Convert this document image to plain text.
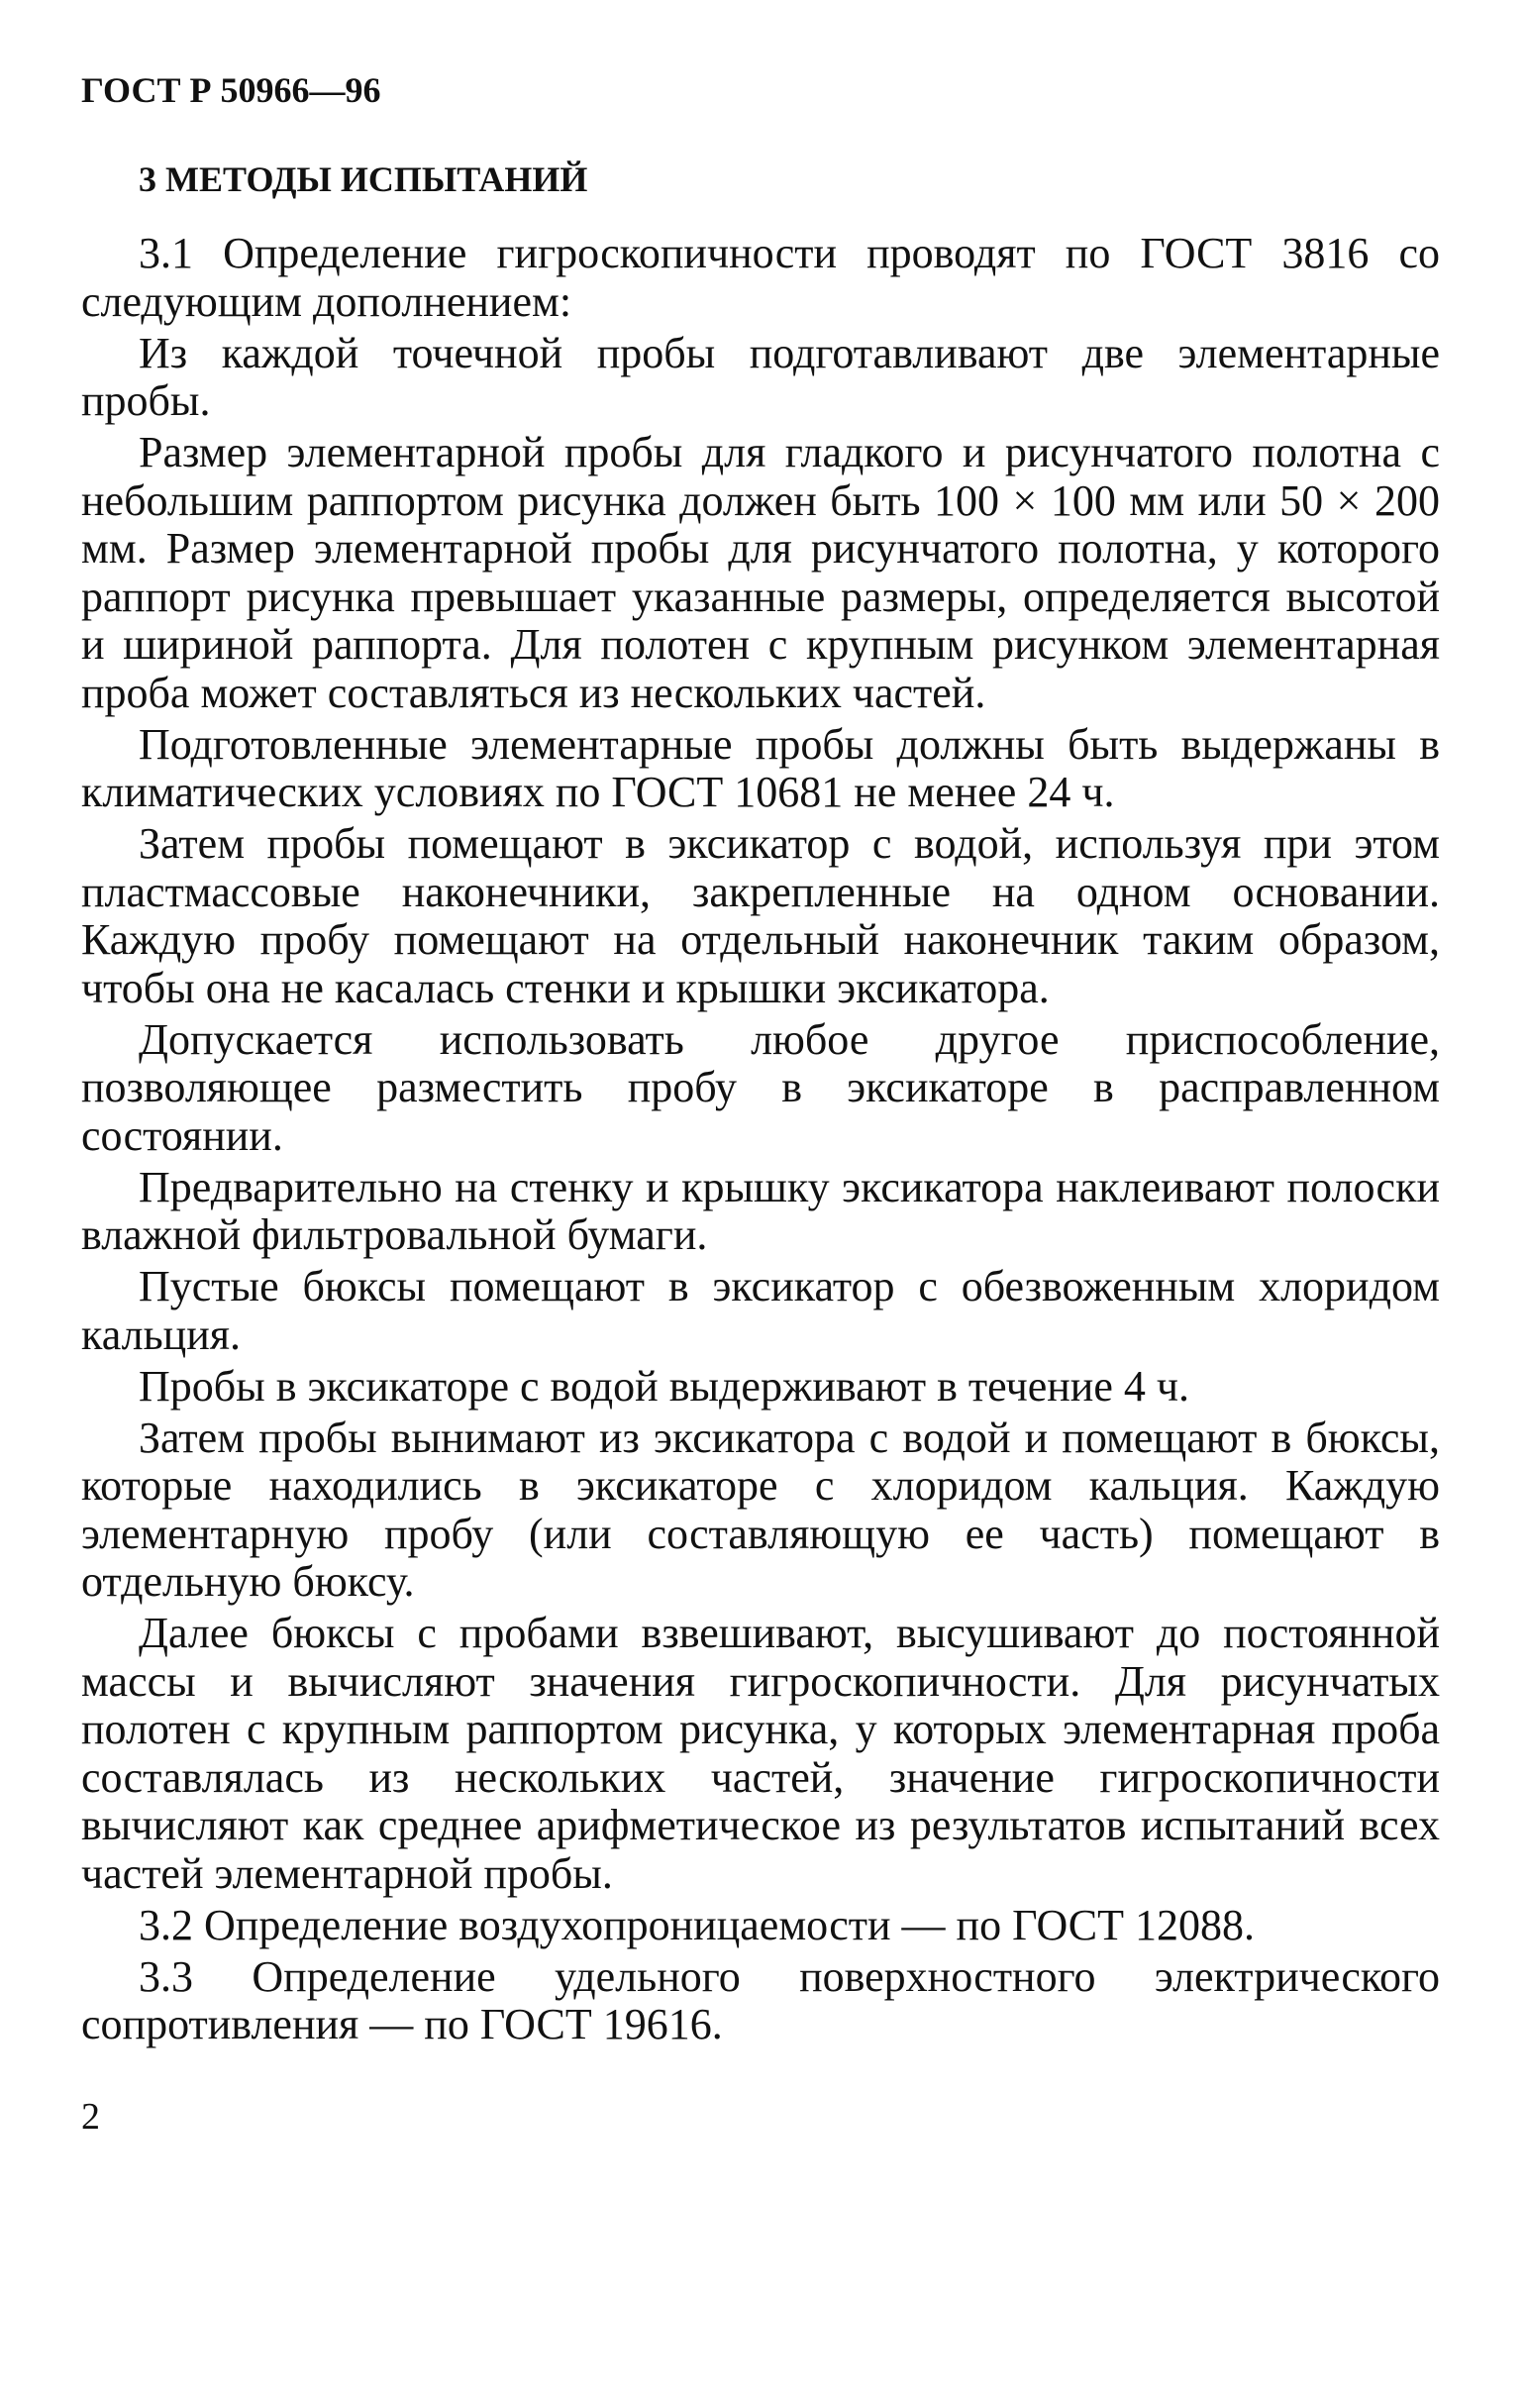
ГОСТ Р 50966—96
3 МЕТОДЫ ИСПЫТАНИЙ

3.1 Определение гигроскопичности проводят по ГОСТ 3816 со следующим дополнением:

Из каждой точечной пробы подготавливают две элементарные пробы.

Размер элементарной пробы для гладкого и рисунчатого полотна с небольшим раппортом рисунка должен быть 100 × 100 мм или 50 × 200 мм. Размер элементарной пробы для рисунчатого полотна, у которого раппорт рисунка превышает указанные размеры, определяется высотой и шириной раппорта. Для полотен с крупным рисунком элементарная проба может составляться из нескольких частей.

Подготовленные элементарные пробы должны быть выдержаны в климатических условиях по ГОСТ 10681 не менее 24 ч.

Затем пробы помещают в эксикатор с водой, используя при этом пластмассовые наконечники, закрепленные на одном основании. Каждую пробу помещают на отдельный наконечник таким образом, чтобы она не касалась стенки и крышки эксикатора.

Допускается использовать любое другое приспособление, позволяющее разместить пробу в эксикаторе в расправленном состоянии.

Предварительно на стенку и крышку эксикатора наклеивают полоски влажной фильтровальной бумаги.

Пустые бюксы помещают в эксикатор с обезвоженным хлоридом кальция.

Пробы в эксикаторе с водой выдерживают в течение 4 ч.

Затем пробы вынимают из эксикатора с водой и помещают в бюксы, которые находились в эксикаторе с хлоридом кальция. Каждую элементарную пробу (или составляющую ее часть) помещают в отдельную бюксу.

Далее бюксы с пробами взвешивают, высушивают до постоянной массы и вычисляют значения гигроскопичности. Для рисунчатых полотен с крупным раппортом рисунка, у которых элементарная проба составлялась из нескольких частей, значение гигроскопичности вычисляют как среднее арифметическое из результатов испытаний всех частей элементарной пробы.

3.2 Определение воздухопроницаемости — по ГОСТ 12088.

3.3 Определение удельного поверхностного электрического сопротивления — по ГОСТ 19616.

2
